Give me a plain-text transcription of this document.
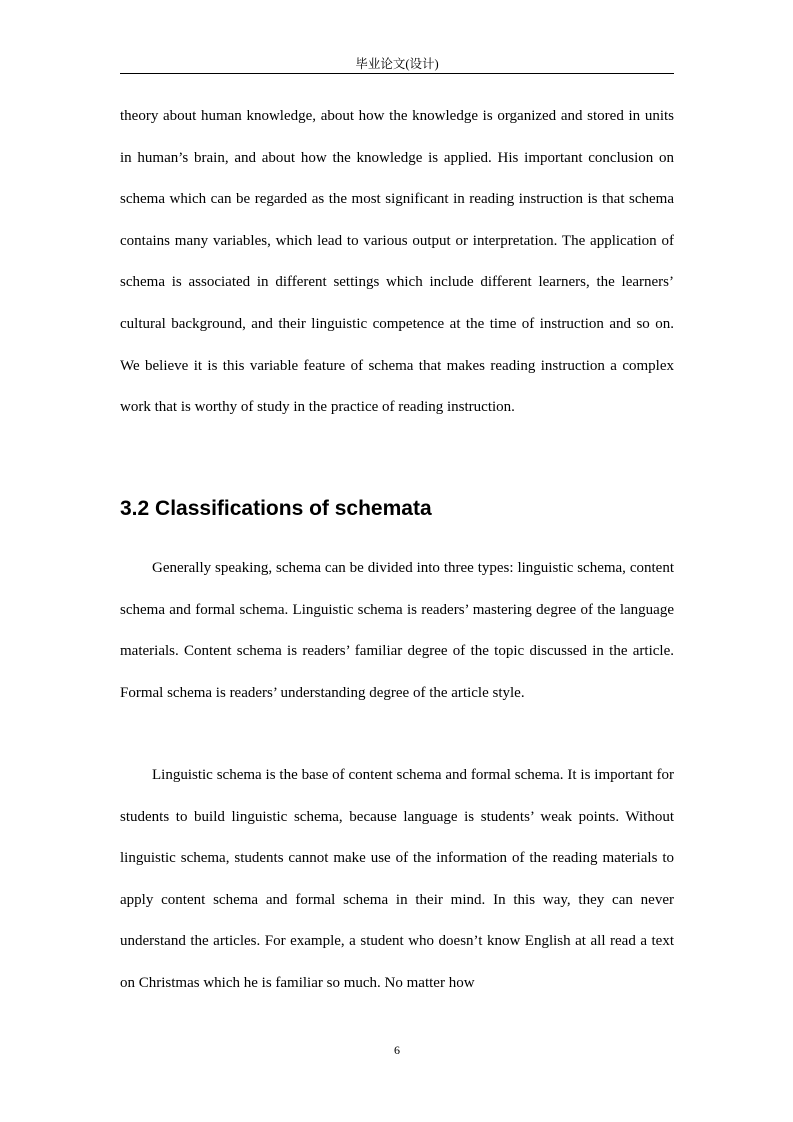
毕业论文(设计)

theory about human knowledge, about how the knowledge is organized and stored in units in human’s brain, and about how the knowledge is applied. His important conclusion on schema which can be regarded as the most significant in reading instruction is that schema contains many variables, which lead to various output or interpretation. The application of schema is associated in different settings which include different learners, the learners’ cultural background, and their linguistic competence at the time of instruction and so on. We believe it is this variable feature of schema that makes reading instruction a complex work that is worthy of study in the practice of reading instruction.

3.2 Classifications of schemata

Generally speaking, schema can be divided into three types: linguistic schema, content schema and formal schema. Linguistic schema is readers’ mastering degree of the language materials. Content schema is readers’ familiar degree of the topic discussed in the article. Formal schema is readers’ understanding degree of the article style.

Linguistic schema is the base of content schema and formal schema. It is important for students to build linguistic schema, because language is students’ weak points. Without linguistic schema, students cannot make use of the information of the reading materials to apply content schema and formal schema in their mind. In this way, they can never understand the articles. For example, a student who doesn’t know English at all read a text on Christmas which he is familiar so much. No matter how

6
